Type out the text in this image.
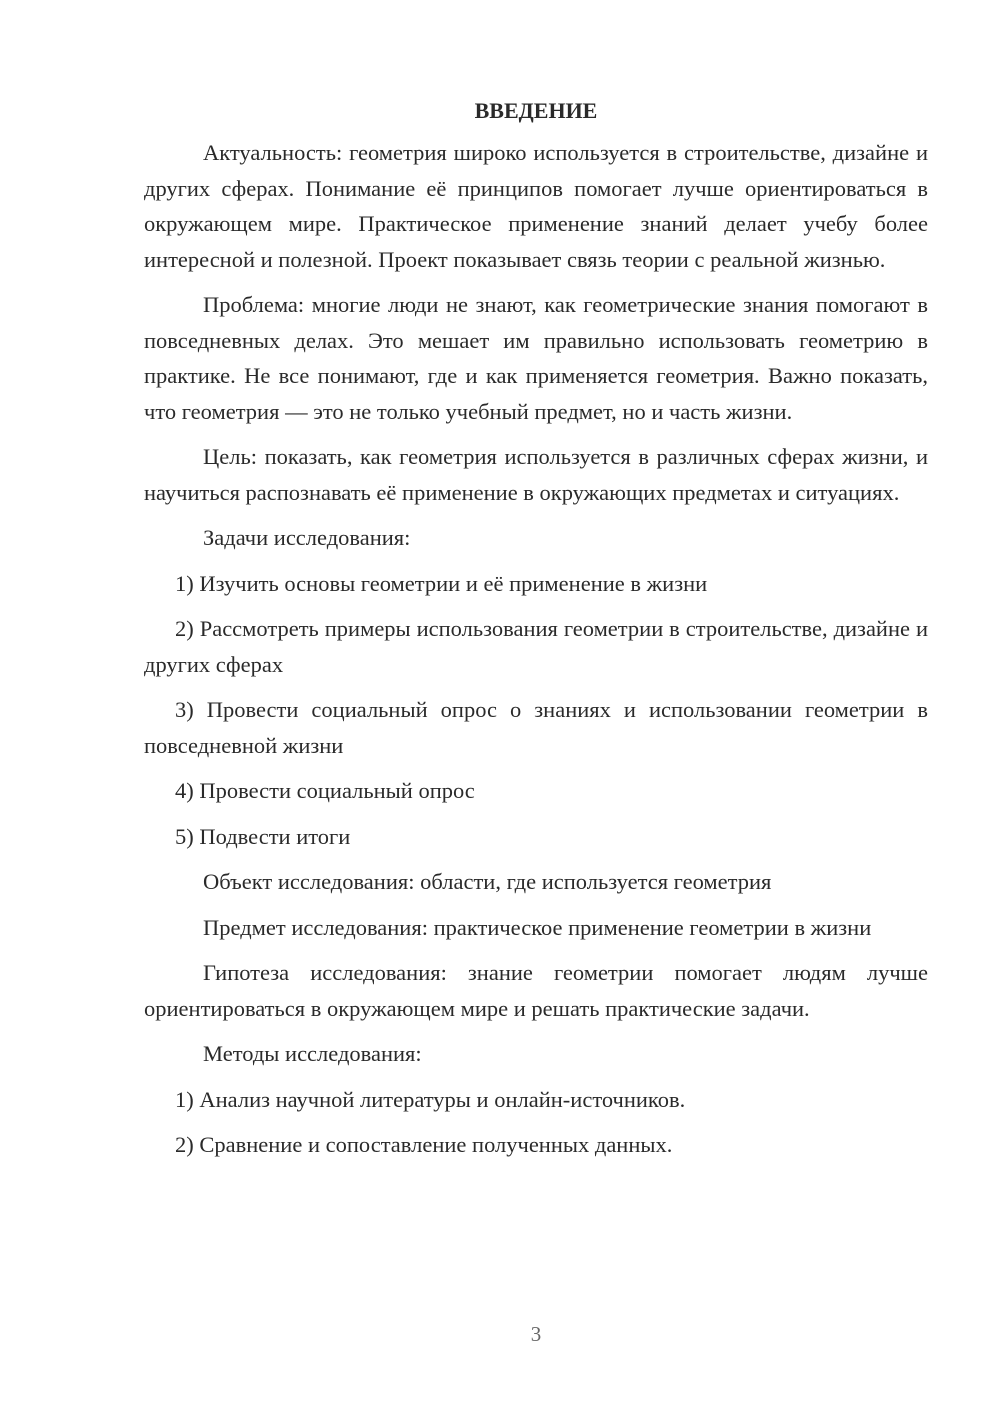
ВВЕДЕНИЕ

Актуальность: геометрия широко используется в строительстве, дизайне и других сферах. Понимание её принципов помогает лучше ориентироваться в окружающем мире. Практическое применение знаний делает учебу более интересной и полезной. Проект показывает связь теории с реальной жизнью.

Проблема: многие люди не знают, как геометрические знания помогают в повседневных делах. Это мешает им правильно использовать геометрию в практике. Не все понимают, где и как применяется геометрия. Важно показать, что геометрия — это не только учебный предмет, но и часть жизни.

Цель: показать, как геометрия используется в различных сферах жизни, и научиться распознавать её применение в окружающих предметах и ситуациях.

Задачи исследования:

1) Изучить основы геометрии и её применение в жизни

2) Рассмотреть примеры использования геометрии в строительстве, дизайне и других сферах

3) Провести социальный опрос о знаниях и использовании геометрии в повседневной жизни

4) Провести социальный опрос

5) Подвести итоги

Объект исследования: области, где используется геометрия

Предмет исследования: практическое применение геометрии в жизни

Гипотеза исследования: знание геометрии помогает людям лучше ориентироваться в окружающем мире и решать практические задачи.

Методы исследования:

1) Анализ научной литературы и онлайн-источников.

2) Сравнение и сопоставление полученных данных.

3
